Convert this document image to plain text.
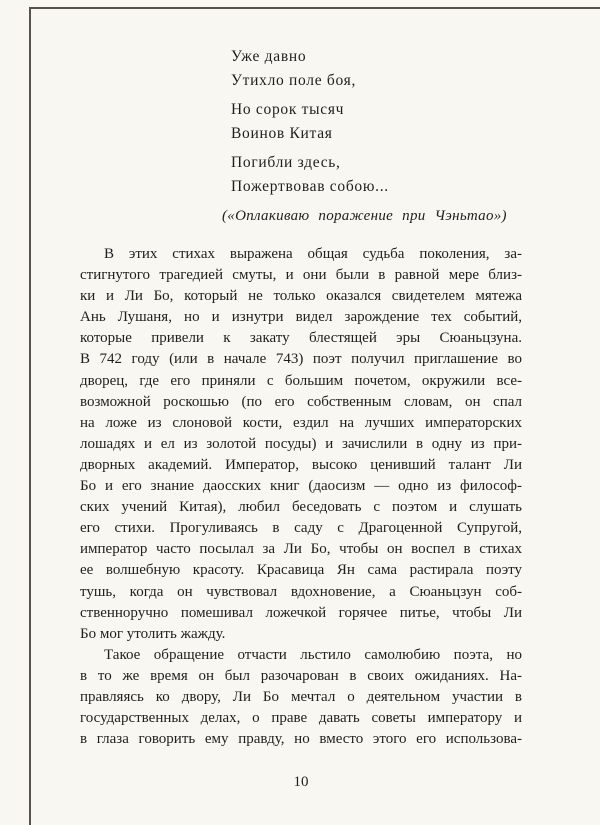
Уже давно
Утихло поле боя,
Но сорок тысяч
Воинов Китая
Погибли здесь,
Пожертвовав собою...
(«Оплакиваю поражение при Чэньтао»)
В этих стихах выражена общая судьба поколения, за-
стигнутого трагедией смуты, и они были в равной мере близ-
ки и Ли Бо, который не только оказался свидетелем мятежа
Ань Лушаня, но и изнутри видел зарождение тех событий,
которые привели к закату блестящей эры Сюаньцзуна.
В 742 году (или в начале 743) поэт получил приглашение во
дворец, где его приняли с большим почетом, окружили все-
возможной роскошью (по его собственным словам, он спал
на ложе из слоновой кости, ездил на лучших императорских
лошадях и ел из золотой посуды) и зачислили в одну из при-
дворных академий. Император, высоко ценивший талант Ли
Бо и его знание даосских книг (даосизм — одно из философ-
ских учений Китая), любил беседовать с поэтом и слушать
его стихи. Прогуливаясь в саду с Драгоценной Супругой,
император часто посылал за Ли Бо, чтобы он воспел в стихах
ее волшебную красоту. Красавица Ян сама растирала поэту
тушь, когда он чувствовал вдохновение, а Сюаньцзун соб-
ственноручно помешивал ложечкой горячее питье, чтобы Ли
Бо мог утолить жажду.
Такое обращение отчасти льстило самолюбию поэта, но
в то же время он был разочарован в своих ожиданиях. На-
правляясь ко двору, Ли Бо мечтал о деятельном участии в
государственных делах, о праве давать советы императору и
в глаза говорить ему правду, но вместо этого его использова-
10
